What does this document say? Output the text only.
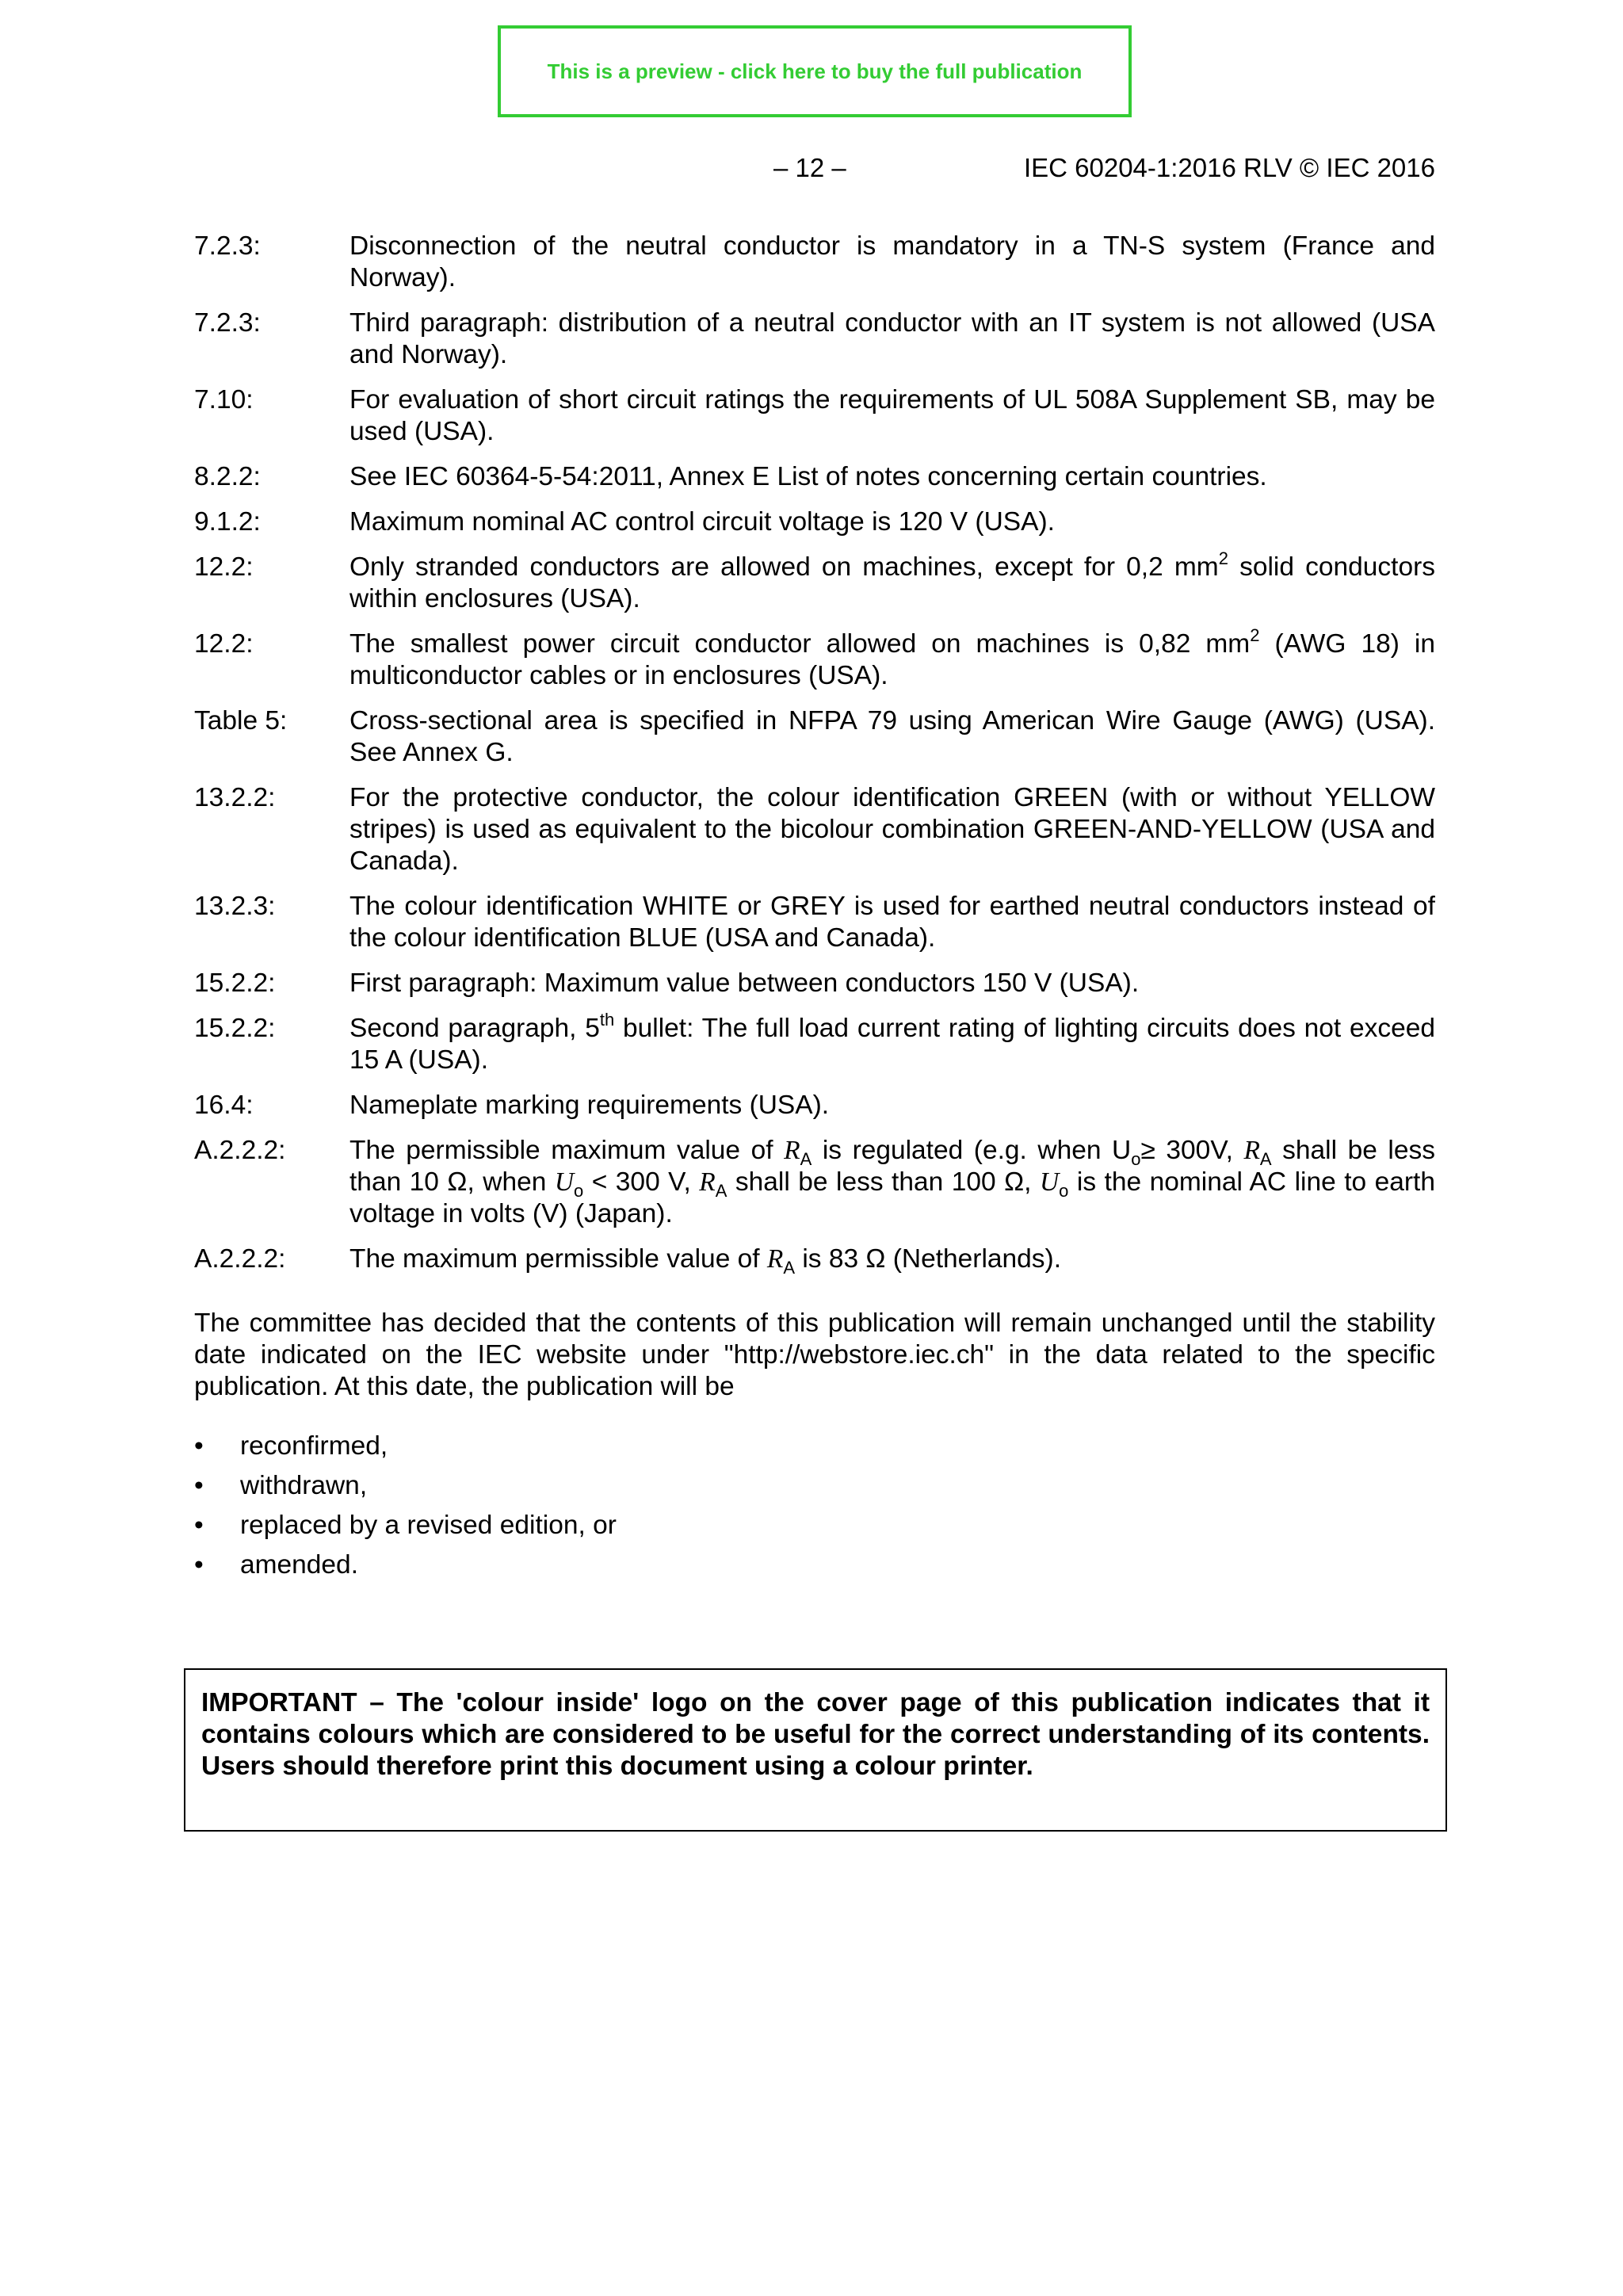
This is a preview - click here to buy the full publication
– 12 –	IEC 60204-1:2016 RLV © IEC 2016
7.2.3:	Disconnection of the neutral conductor is mandatory in a TN-S system (France and Norway).
7.2.3:	Third paragraph: distribution of a neutral conductor with an IT system is not allowed (USA and Norway).
7.10:	For evaluation of short circuit ratings the requirements of UL 508A Supplement SB, may be used (USA).
8.2.2:	See IEC 60364-5-54:2011, Annex E List of notes concerning certain countries.
9.1.2:	Maximum nominal AC control circuit voltage is 120 V (USA).
12.2:	Only stranded conductors are allowed on machines, except for 0,2 $mm^2$ solid conductors within enclosures (USA).
12.2:	The smallest power circuit conductor allowed on machines is 0,82 $mm^2$ (AWG 18) in multiconductor cables or in enclosures (USA).
Table 5:	Cross-sectional area is specified in NFPA 79 using American Wire Gauge (AWG) (USA). See Annex G.
13.2.2:	For the protective conductor, the colour identification GREEN (with or without YELLOW stripes) is used as equivalent to the bicolour combination GREEN-AND-YELLOW (USA and Canada).
13.2.3:	The colour identification WHITE or GREY is used for earthed neutral conductors instead of the colour identification BLUE (USA and Canada).
15.2.2:	First paragraph: Maximum value between conductors 150 V (USA).
15.2.2:	Second paragraph, 5th bullet: The full load current rating of lighting circuits does not exceed 15 A (USA).
16.4:	Nameplate marking requirements (USA).
A.2.2.2:	The permissible maximum value of $R_A$ is regulated (e.g. when $U_o\ge 300V$, $R_A$ shall be less than 10 Ω, when $U_o < 300$ V, $R_A$ shall be less than 100 Ω, $U_o$ is the nominal AC line to earth voltage in volts (V) (Japan).
A.2.2.2:	The maximum permissible value of $R_A$ is 83 Ω (Netherlands).

The committee has decided that the contents of this publication will remain unchanged until the stability date indicated on the IEC website under "http://webstore.iec.ch" in the data related to the specific publication. At this date, the publication will be

• reconfirmed,
• withdrawn,
• replaced by a revised edition, or
• amended.
IMPORTANT – The 'colour inside' logo on the cover page of this publication indicates that it contains colours which are considered to be useful for the correct understanding of its contents. Users should therefore print this document using a colour printer.
